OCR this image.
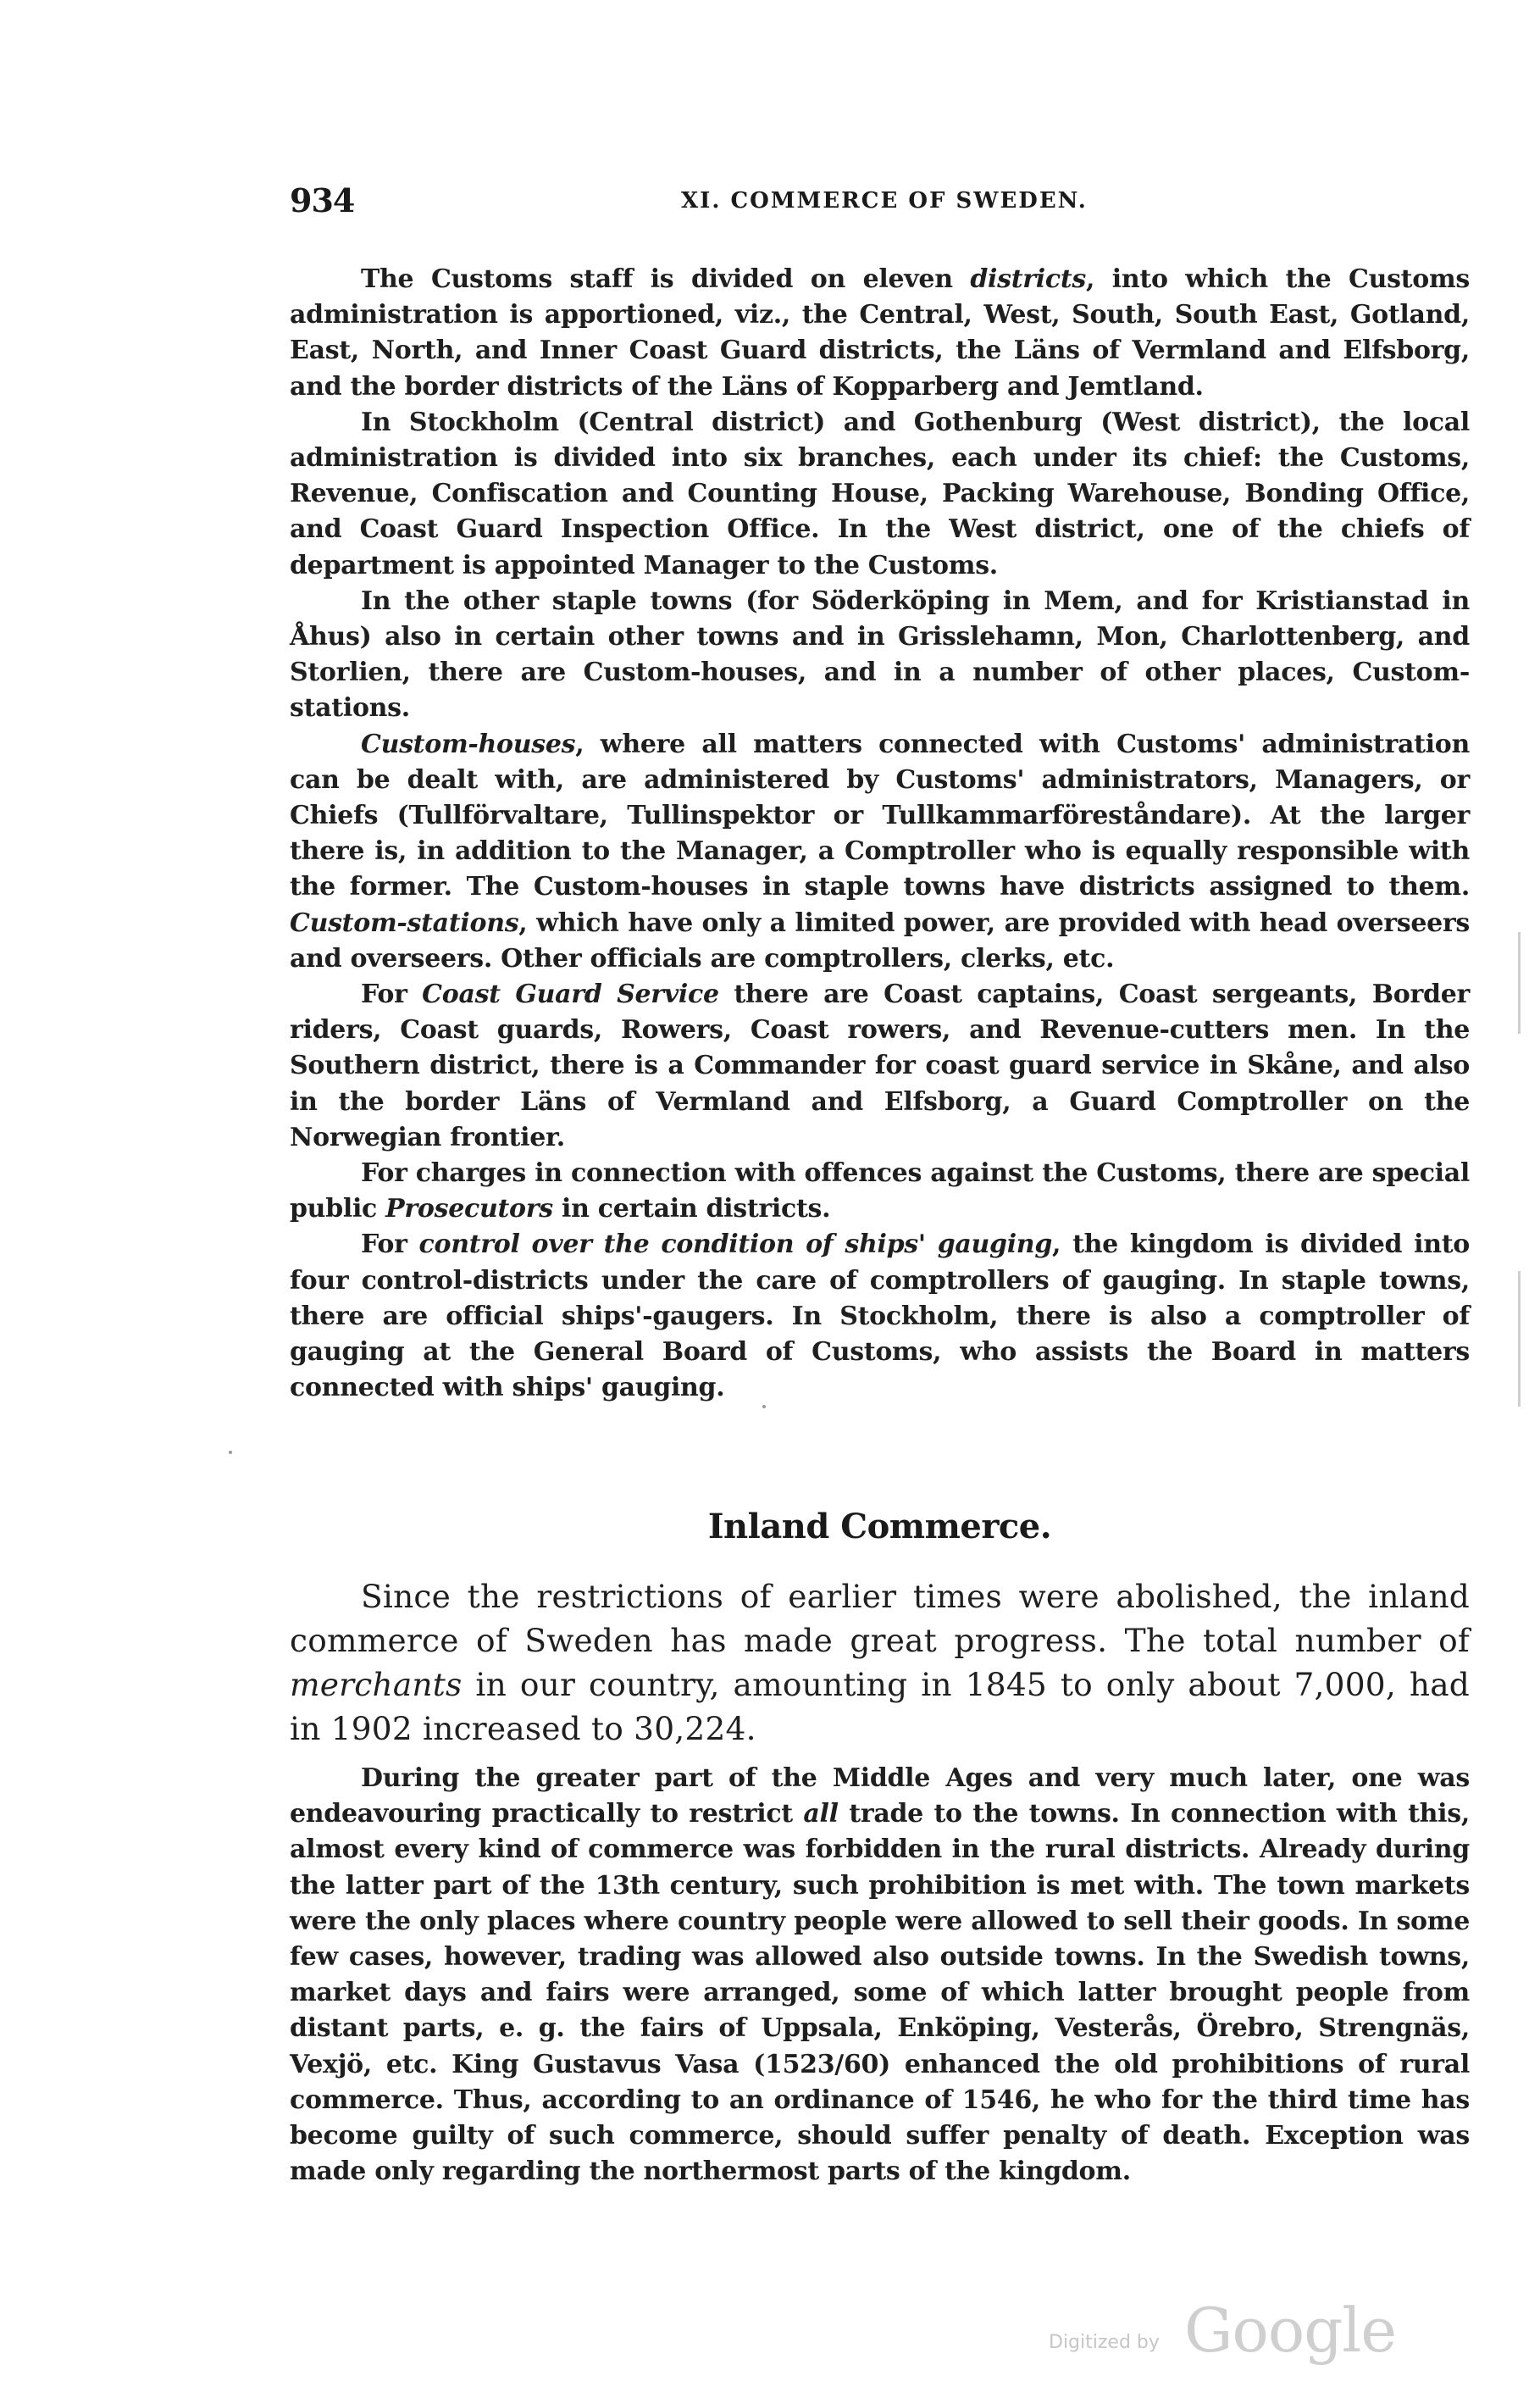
934	XI. COMMERCE OF SWEDEN.

The Customs staff is divided on eleven districts, into which the Customs administration is apportioned, viz., the Central, West, South, South East, Gotland, East, North, and Inner Coast Guard districts, the Läns of Vermland and Elfsborg, and the border districts of the Läns of Kopparberg and Jemtland.

In Stockholm (Central district) and Gothenburg (West district), the local administration is divided into six branches, each under its chief: the Customs, Revenue, Confiscation and Counting House, Packing Warehouse, Bonding Office, and Coast Guard Inspection Office. In the West district, one of the chiefs of department is appointed Manager to the Customs.

In the other staple towns (for Söderköping in Mem, and for Kristianstad in Åhus) also in certain other towns and in Grisslehamn, Mon, Charlottenberg, and Storlien, there are Custom-houses, and in a number of other places, Custom-stations.

Custom-houses, where all matters connected with Customs' administration can be dealt with, are administered by Customs' administrators, Managers, or Chiefs (Tullförvaltare, Tullinspektor or Tullkammarföreståndare). At the larger there is, in addition to the Manager, a Comptroller who is equally responsible with the former. The Custom-houses in staple towns have districts assigned to them. Custom-stations, which have only a limited power, are provided with head overseers and overseers. Other officials are comptrollers, clerks, etc.

For Coast Guard Service there are Coast captains, Coast sergeants, Border riders, Coast guards, Rowers, Coast rowers, and Revenue-cutters men. In the Southern district, there is a Commander for coast guard service in Skåne, and also in the border Läns of Vermland and Elfsborg, a Guard Comptroller on the Norwegian frontier.

For charges in connection with offences against the Customs, there are special public Prosecutors in certain districts.

For control over the condition of ships' gauging, the kingdom is divided into four control-districts under the care of comptrollers of gauging. In staple towns, there are official ships'-gaugers. In Stockholm, there is also a comptroller of gauging at the General Board of Customs, who assists the Board in matters connected with ships' gauging.

Inland Commerce.

Since the restrictions of earlier times were abolished, the inland commerce of Sweden has made great progress. The total number of merchants in our country, amounting in 1845 to only about 7,000, had in 1902 increased to 30,224.

During the greater part of the Middle Ages and very much later, one was endeavouring practically to restrict all trade to the towns. In connection with this, almost every kind of commerce was forbidden in the rural districts. Already during the latter part of the 13th century, such prohibition is met with. The town markets were the only places where country people were allowed to sell their goods. In some few cases, however, trading was allowed also outside towns. In the Swedish towns, market days and fairs were arranged, some of which latter brought people from distant parts, e. g. the fairs of Uppsala, Enköping, Vesterås, Örebro, Strengnäs, Vexjö, etc. King Gustavus Vasa (1523/60) enhanced the old prohibitions of rural commerce. Thus, according to an ordinance of 1546, he who for the third time has become guilty of such commerce, should suffer penalty of death. Exception was made only regarding the northermost parts of the kingdom.

Digitized by Google
